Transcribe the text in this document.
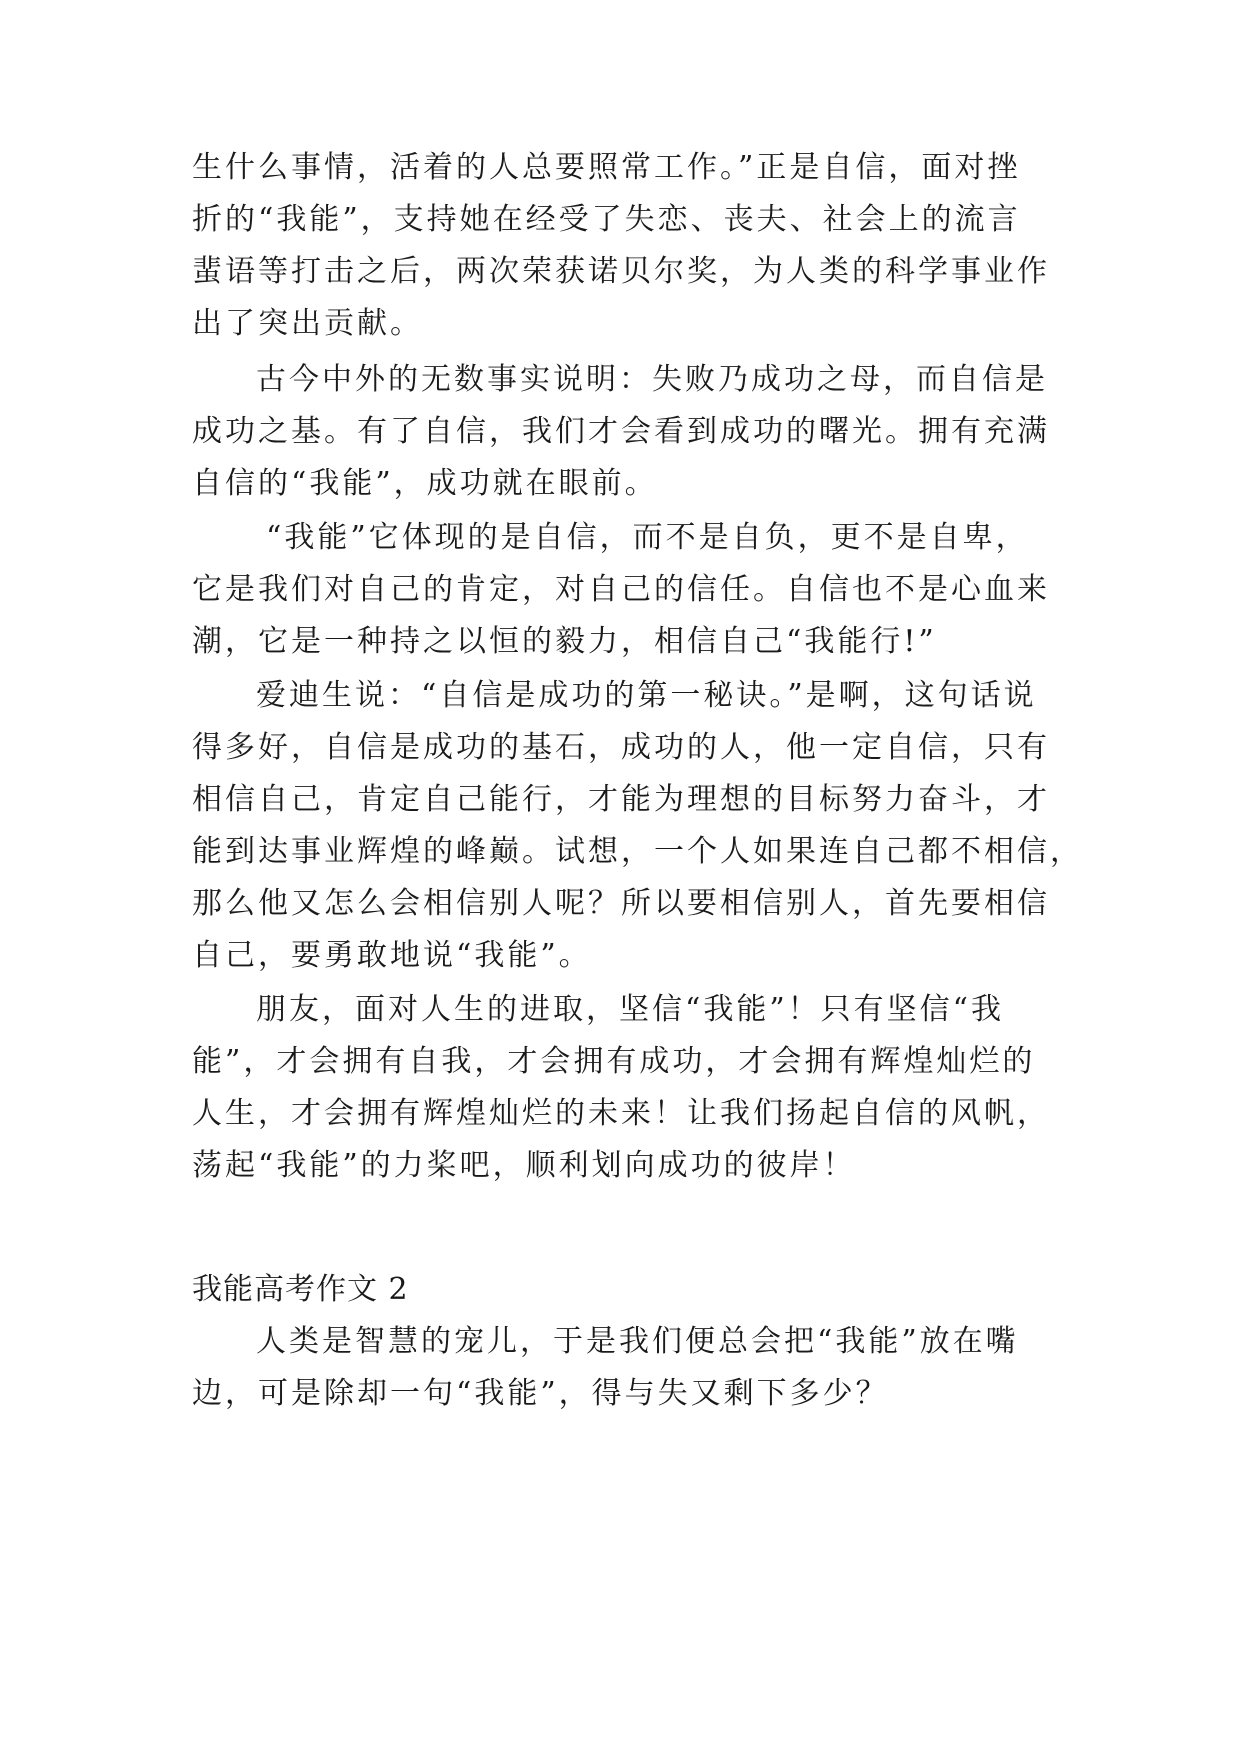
生什么事情，活着的人总要照常工作。”正是自信，面对挫
折的“我能”，支持她在经受了失恋、丧夫、社会上的流言
蜚语等打击之后，两次荣获诺贝尔奖，为人类的科学事业作
出了突出贡献。
古今中外的无数事实说明：失败乃成功之母，而自信是
成功之基。有了自信，我们才会看到成功的曙光。拥有充满
自信的“我能”，成功就在眼前。
“我能”它体现的是自信，而不是自负，更不是自卑，
它是我们对自己的肯定，对自己的信任。自信也不是心血来
潮，它是一种持之以恒的毅力，相信自己“我能行!”
爱迪生说：“自信是成功的第一秘诀。”是啊，这句话说
得多好，自信是成功的基石，成功的人，他一定自信，只有
相信自己，肯定自己能行，才能为理想的目标努力奋斗，才
能到达事业辉煌的峰巅。试想，一个人如果连自己都不相信，
那么他又怎么会相信别人呢？所以要相信别人，首先要相信
自己，要勇敢地说“我能”。
朋友，面对人生的进取，坚信“我能”！只有坚信“我
能”，才会拥有自我，才会拥有成功，才会拥有辉煌灿烂的
人生，才会拥有辉煌灿烂的未来！让我们扬起自信的风帆，
荡起“我能”的力桨吧，顺利划向成功的彼岸！
我能高考作文 2
人类是智慧的宠儿，于是我们便总会把“我能”放在嘴
边，可是除却一句“我能”，得与失又剩下多少？
